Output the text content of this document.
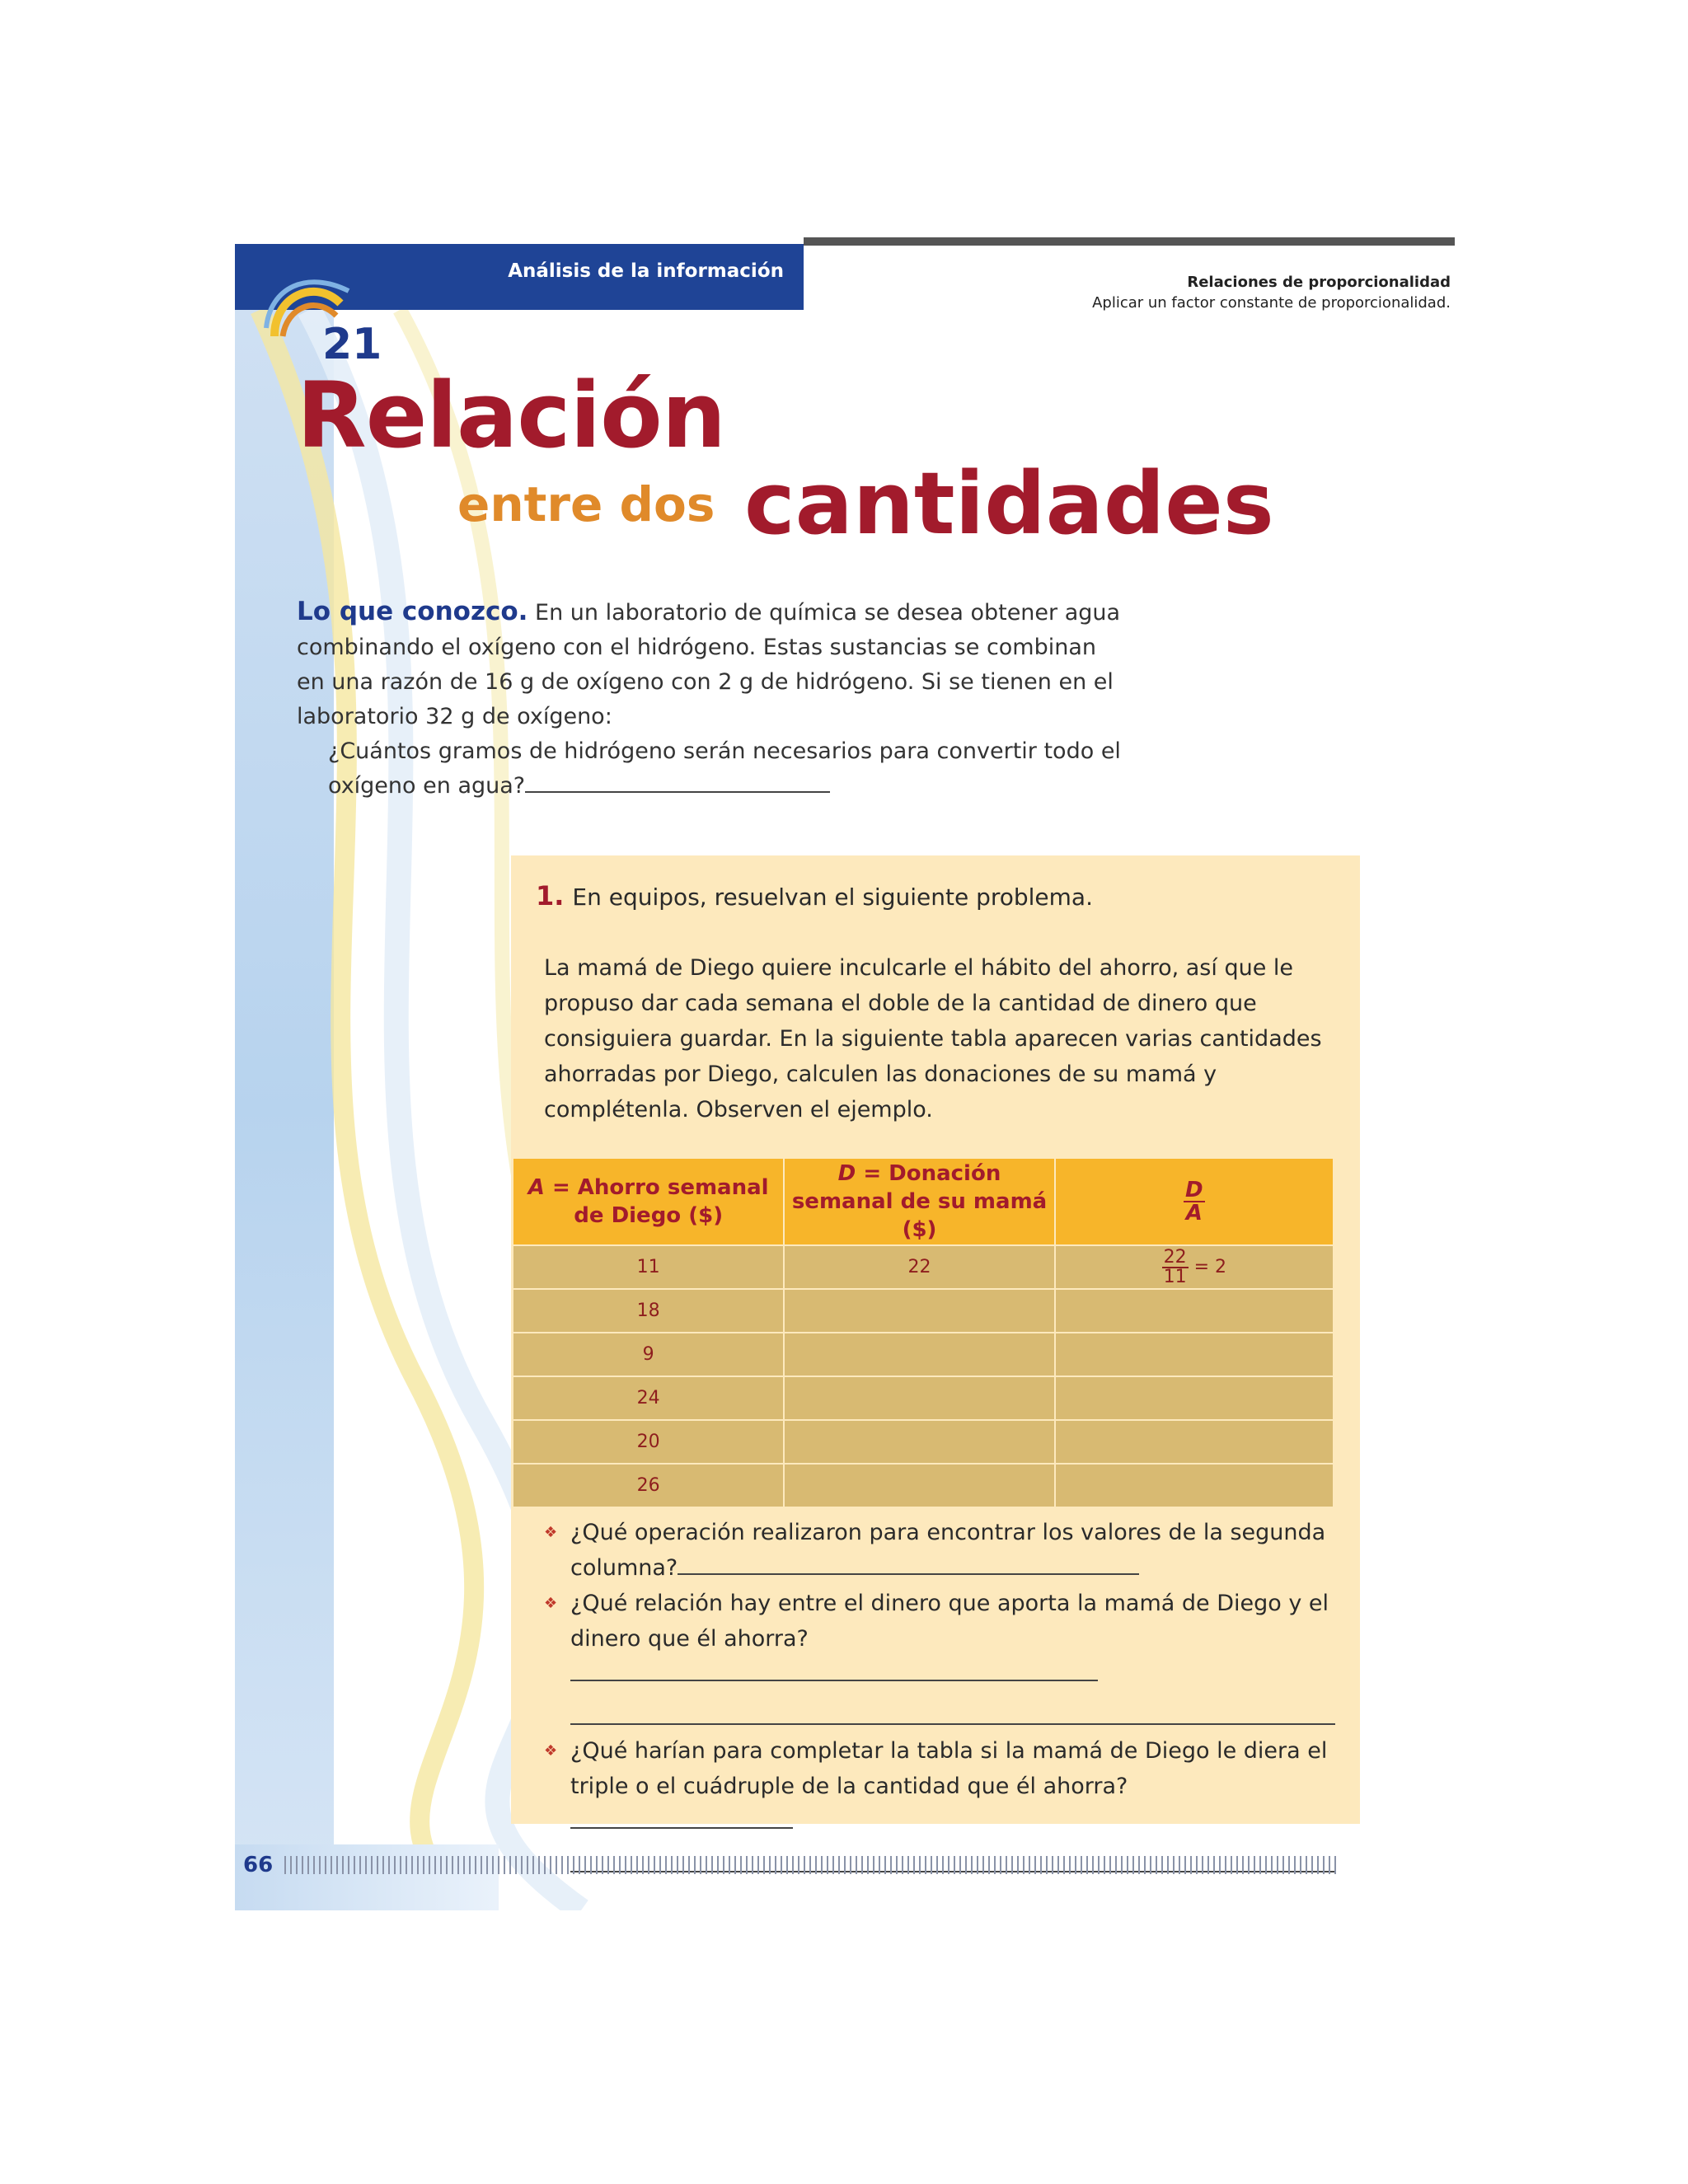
Análisis de la información
Relaciones de proporcionalidad
Aplicar un factor constante de proporcionalidad.
21
Relación
entre dos cantidades
Lo que conozco. En un laboratorio de química se desea obtener agua combinando el oxígeno con el hidrógeno. Estas sustancias se combinan en una razón de 16 g de oxígeno con 2 g de hidrógeno. Si se tienen en el laboratorio 32 g de oxígeno:
¿Cuántos gramos de hidrógeno serán necesarios para convertir todo el oxígeno en agua?
1. En equipos, resuelvan el siguiente problema.
La mamá de Diego quiere inculcarle el hábito del ahorro, así que le propuso dar cada semana el doble de la cantidad de dinero que consiguiera guardar. En la siguiente tabla aparecen varias cantidades ahorradas por Diego, calculen las donaciones de su mamá y complétenla. Observen el ejemplo.
A = Ahorro semanal de Diego ($)	D = Donación semanal de su mamá ($)	$\frac{D}{A}$

11	22	$\frac{22}{11} = 2$
18		
9		
24		
20		
26		
❖ ¿Qué operación realizaron para encontrar los valores de la segunda columna?
❖ ¿Qué relación hay entre el dinero que aporta la mamá de Diego y el dinero que él ahorra?
❖ ¿Qué harían para completar la tabla si la mamá de Diego le diera el triple o el cuádruple de la cantidad que él ahorra?
66
